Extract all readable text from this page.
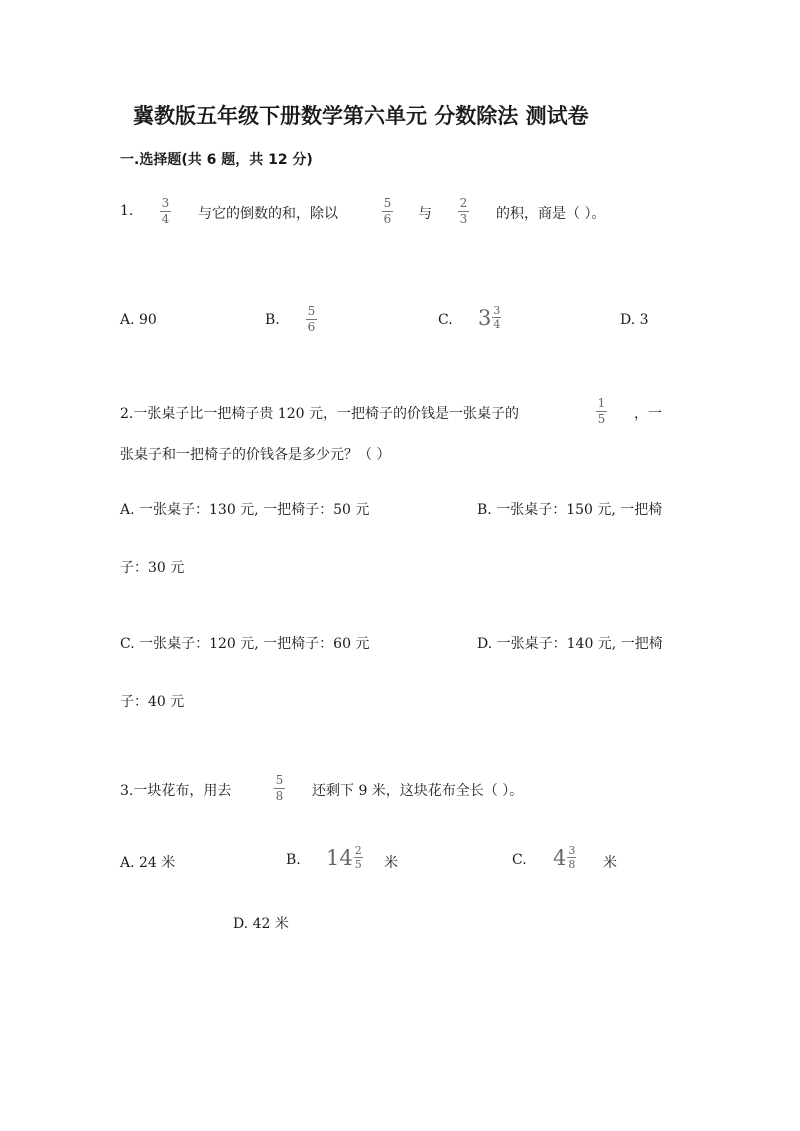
冀教版五年级下册数学第六单元 分数除法 测试卷
一.选择题(共 6 题，共 12 分)
1. 3
4 与它的倒数的和，除以
5
6 与
2
3 的积，商是（ ）。
A. 90	B.
5
6	C. $3 \frac{3}{4}$	D. 3
2.一张桌子比一把椅子贵 120 元，一把椅子的价钱是一张桌子的
1
5 ，一
张桌子和一把椅子的价钱各是多少元？（ ）
A. 一张桌子：130 元, 一把椅子：50 元	B. 一张桌子：150 元, 一把椅
子：30 元
C. 一张桌子：120 元, 一把椅子：60 元	D. 一张桌子：140 元, 一把椅
子：40 元
3.一块花布，用去
5
8 还剩下 9 米，这块花布全长（ ）。
A. 24 米	B. $14 \frac{2}{5}$ 米	C. $4 \frac{3}{8}$ 米
D. 42 米
